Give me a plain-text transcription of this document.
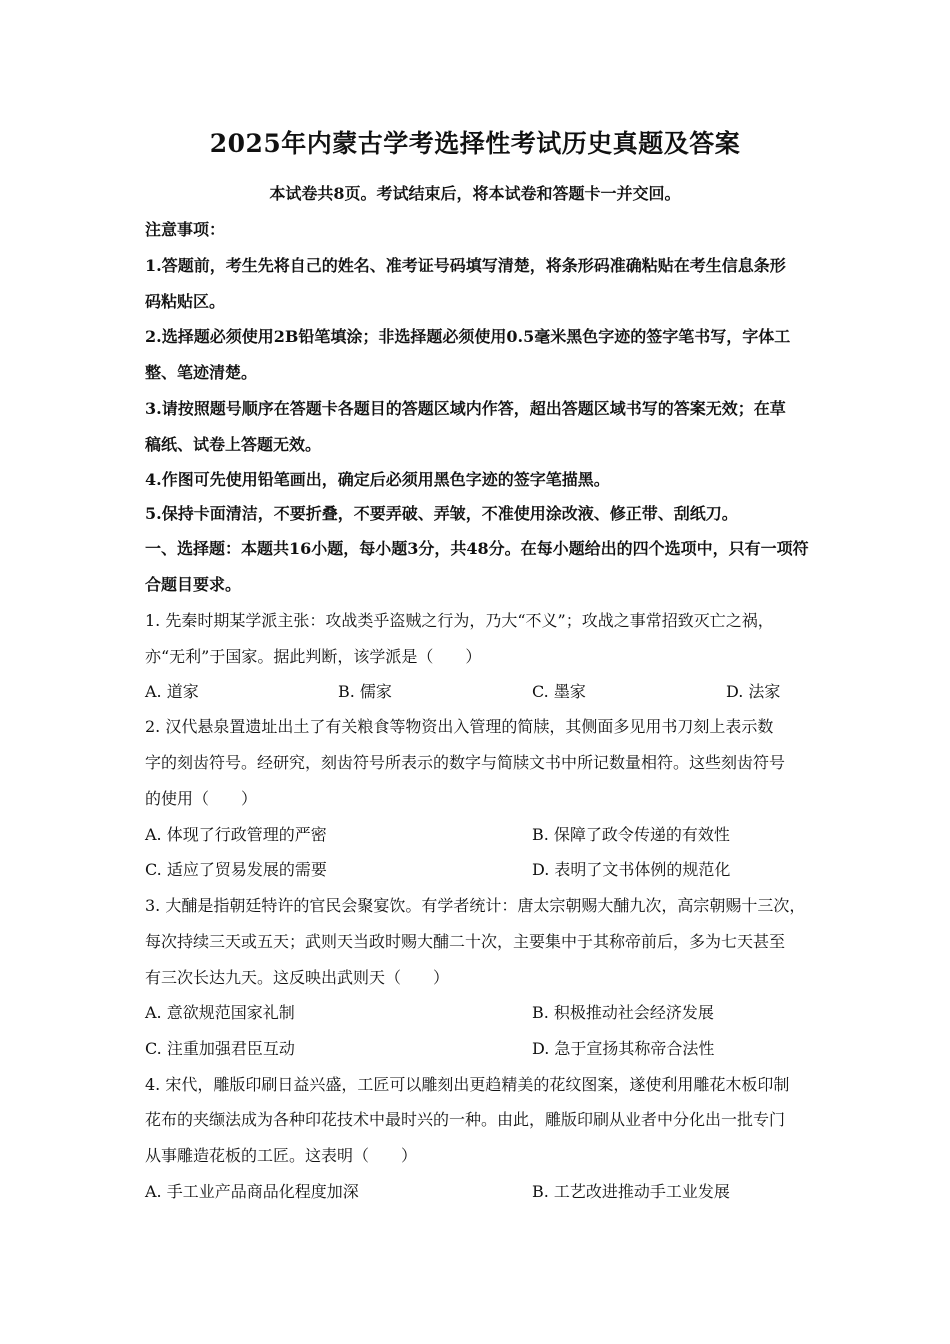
2025年内蒙古学考选择性考试历史真题及答案
本试卷共8页。考试结束后，将本试卷和答题卡一并交回。
注意事项：
1.答题前，考生先将自己的姓名、准考证号码填写清楚，将条形码准确粘贴在考生信息条形
码粘贴区。
2.选择题必须使用2B铅笔填涂；非选择题必须使用0.5毫米黑色字迹的签字笔书写，字体工
整、笔迹清楚。
3.请按照题号顺序在答题卡各题目的答题区域内作答，超出答题区域书写的答案无效；在草
稿纸、试卷上答题无效。
4.作图可先使用铅笔画出，确定后必须用黑色字迹的签字笔描黑。
5.保持卡面清洁，不要折叠，不要弄破、弄皱，不准使用涂改液、修正带、刮纸刀。
一、选择题：本题共16小题，每小题3分，共48分。在每小题给出的四个选项中，只有一项符
合题目要求。
1. 先秦时期某学派主张：攻战类乎盗贼之行为，乃大“不义”；攻战之事常招致灭亡之祸，
亦“无利”于国家。据此判断，该学派是（　　）
A. 道家	B. 儒家	C. 墨家	D. 法家
2. 汉代悬泉置遗址出土了有关粮食等物资出入管理的简牍，其侧面多见用书刀刻上表示数
字的刻齿符号。经研究，刻齿符号所表示的数字与简牍文书中所记数量相符。这些刻齿符号
的使用（　　）
A. 体现了行政管理的严密	B. 保障了政令传递的有效性
C. 适应了贸易发展的需要	D. 表明了文书体例的规范化
3. 大酺是指朝廷特许的官民会聚宴饮。有学者统计：唐太宗朝赐大酺九次，高宗朝赐十三次，
每次持续三天或五天；武则天当政时赐大酺二十次，主要集中于其称帝前后，多为七天甚至
有三次长达九天。这反映出武则天（　　）
A. 意欲规范国家礼制	B. 积极推动社会经济发展
C. 注重加强君臣互动	D. 急于宣扬其称帝合法性
4. 宋代，雕版印刷日益兴盛，工匠可以雕刻出更趋精美的花纹图案，遂使利用雕花木板印制
花布的夹缬法成为各种印花技术中最时兴的一种。由此，雕版印刷从业者中分化出一批专门
从事雕造花板的工匠。这表明（　　）
A. 手工业产品商品化程度加深	B. 工艺改进推动手工业发展
